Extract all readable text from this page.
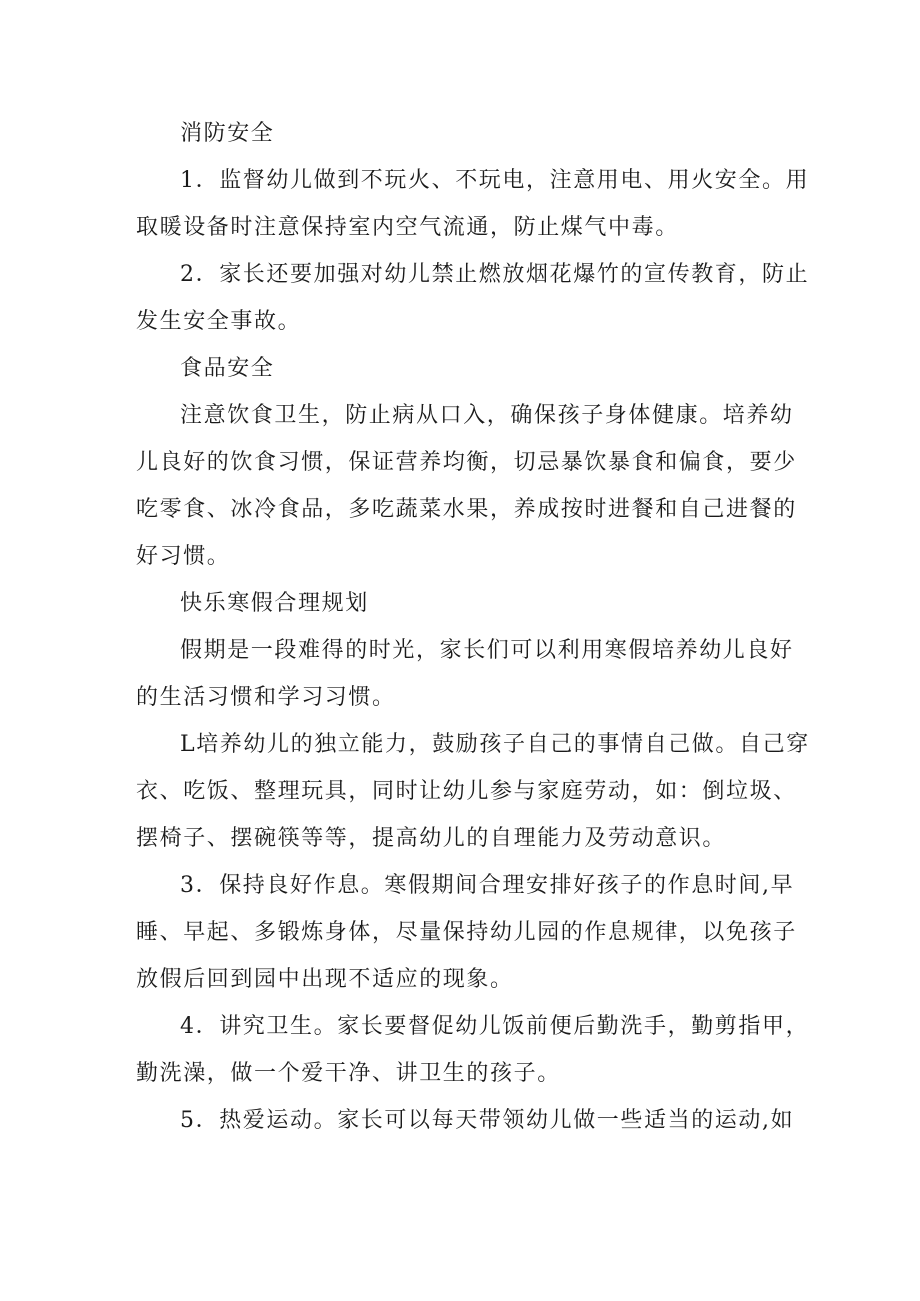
消防安全

1．监督幼儿做到不玩火、不玩电，注意用电、用火安全。用
取暖设备时注意保持室内空气流通，防止煤气中毒。

2．家长还要加强对幼儿禁止燃放烟花爆竹的宣传教育，防止
发生安全事故。

食品安全

注意饮食卫生，防止病从口入，确保孩子身体健康。培养幼
儿良好的饮食习惯，保证营养均衡，切忌暴饮暴食和偏食，要少
吃零食、冰冷食品，多吃蔬菜水果，养成按时进餐和自己进餐的
好习惯。

快乐寒假合理规划

假期是一段难得的时光，家长们可以利用寒假培养幼儿良好
的生活习惯和学习习惯。

L培养幼儿的独立能力，鼓励孩子自己的事情自己做。自己穿
衣、吃饭、整理玩具，同时让幼儿参与家庭劳动，如：倒垃圾、
摆椅子、摆碗筷等等，提高幼儿的自理能力及劳动意识。

3．保持良好作息。寒假期间合理安排好孩子的作息时间,早
睡、早起、多锻炼身体，尽量保持幼儿园的作息规律，以免孩子
放假后回到园中出现不适应的现象。

4．讲究卫生。家长要督促幼儿饭前便后勤洗手，勤剪指甲，
勤洗澡，做一个爱干净、讲卫生的孩子。

5．热爱运动。家长可以每天带领幼儿做一些适当的运动,如
